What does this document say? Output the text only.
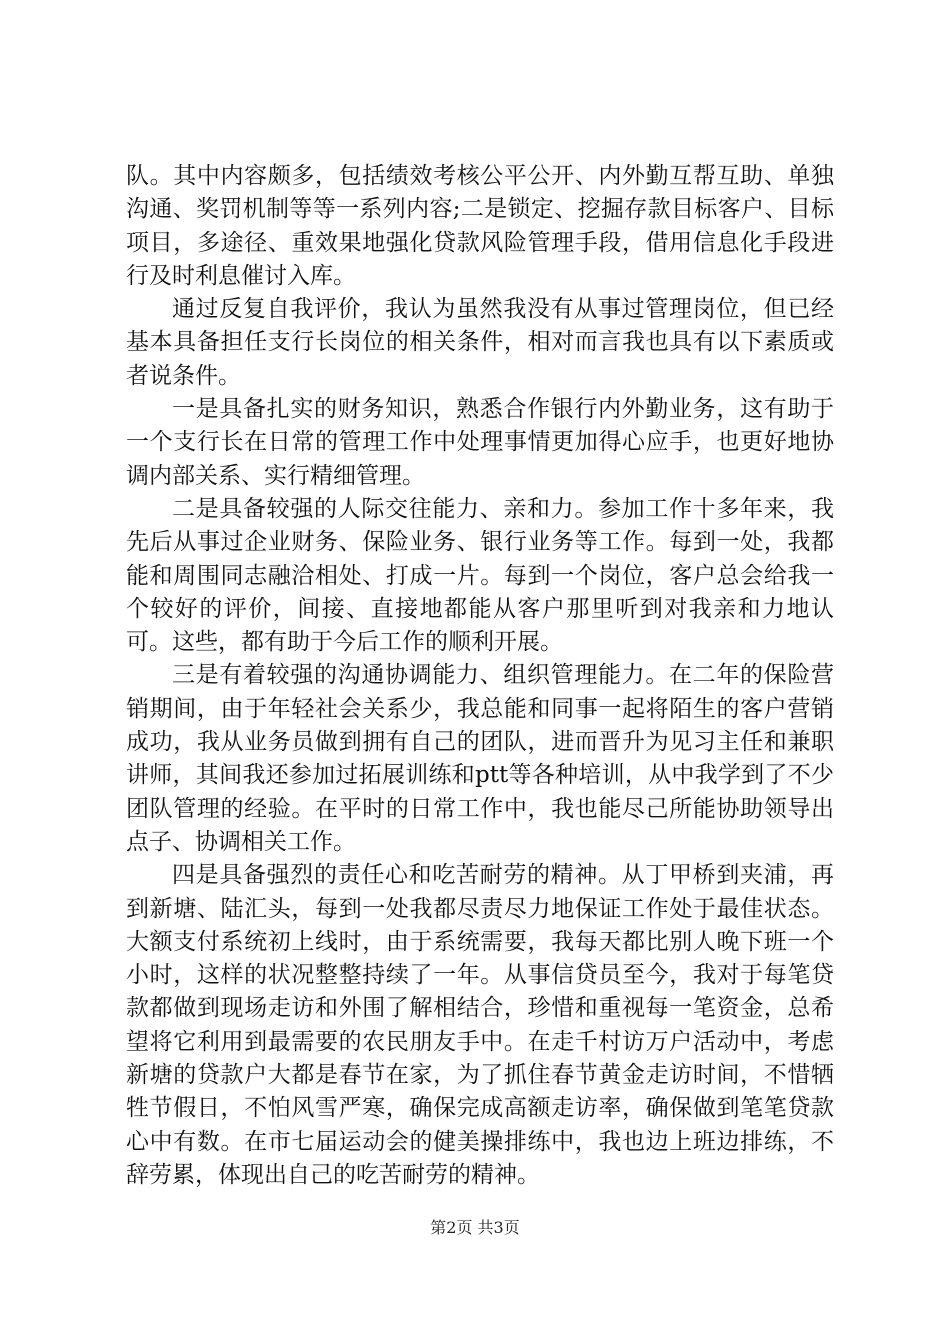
队。其中内容颇多，包括绩效考核公平公开、内外勤互帮互助、单独沟通、奖罚机制等等一系列内容;二是锁定、挖掘存款目标客户、目标项目，多途径、重效果地强化贷款风险管理手段，借用信息化手段进行及时利息催讨入库。

通过反复自我评价，我认为虽然我没有从事过管理岗位，但已经基本具备担任支行长岗位的相关条件，相对而言我也具有以下素质或者说条件。

一是具备扎实的财务知识，熟悉合作银行内外勤业务，这有助于一个支行长在日常的管理工作中处理事情更加得心应手，也更好地协调内部关系、实行精细管理。

二是具备较强的人际交往能力、亲和力。参加工作十多年来，我先后从事过企业财务、保险业务、银行业务等工作。每到一处，我都能和周围同志融洽相处、打成一片。每到一个岗位，客户总会给我一个较好的评价，间接、直接地都能从客户那里听到对我亲和力地认可。这些，都有助于今后工作的顺利开展。

三是有着较强的沟通协调能力、组织管理能力。在二年的保险营销期间，由于年轻社会关系少，我总能和同事一起将陌生的客户营销成功，我从业务员做到拥有自己的团队，进而晋升为见习主任和兼职讲师，其间我还参加过拓展训练和ptt等各种培训，从中我学到了不少团队管理的经验。在平时的日常工作中，我也能尽己所能协助领导出点子、协调相关工作。

四是具备强烈的责任心和吃苦耐劳的精神。从丁甲桥到夹浦，再到新塘、陆汇头，每到一处我都尽责尽力地保证工作处于最佳状态。大额支付系统初上线时，由于系统需要，我每天都比别人晚下班一个小时，这样的状况整整持续了一年。从事信贷员至今，我对于每笔贷款都做到现场走访和外围了解相结合，珍惜和重视每一笔资金，总希望将它利用到最需要的农民朋友手中。在走千村访万户活动中，考虑新塘的贷款户大都是春节在家，为了抓住春节黄金走访时间，不惜牺牲节假日，不怕风雪严寒，确保完成高额走访率，确保做到笔笔贷款心中有数。在市七届运动会的健美操排练中，我也边上班边排练，不辞劳累，体现出自己的吃苦耐劳的精神。

第2页 共3页
